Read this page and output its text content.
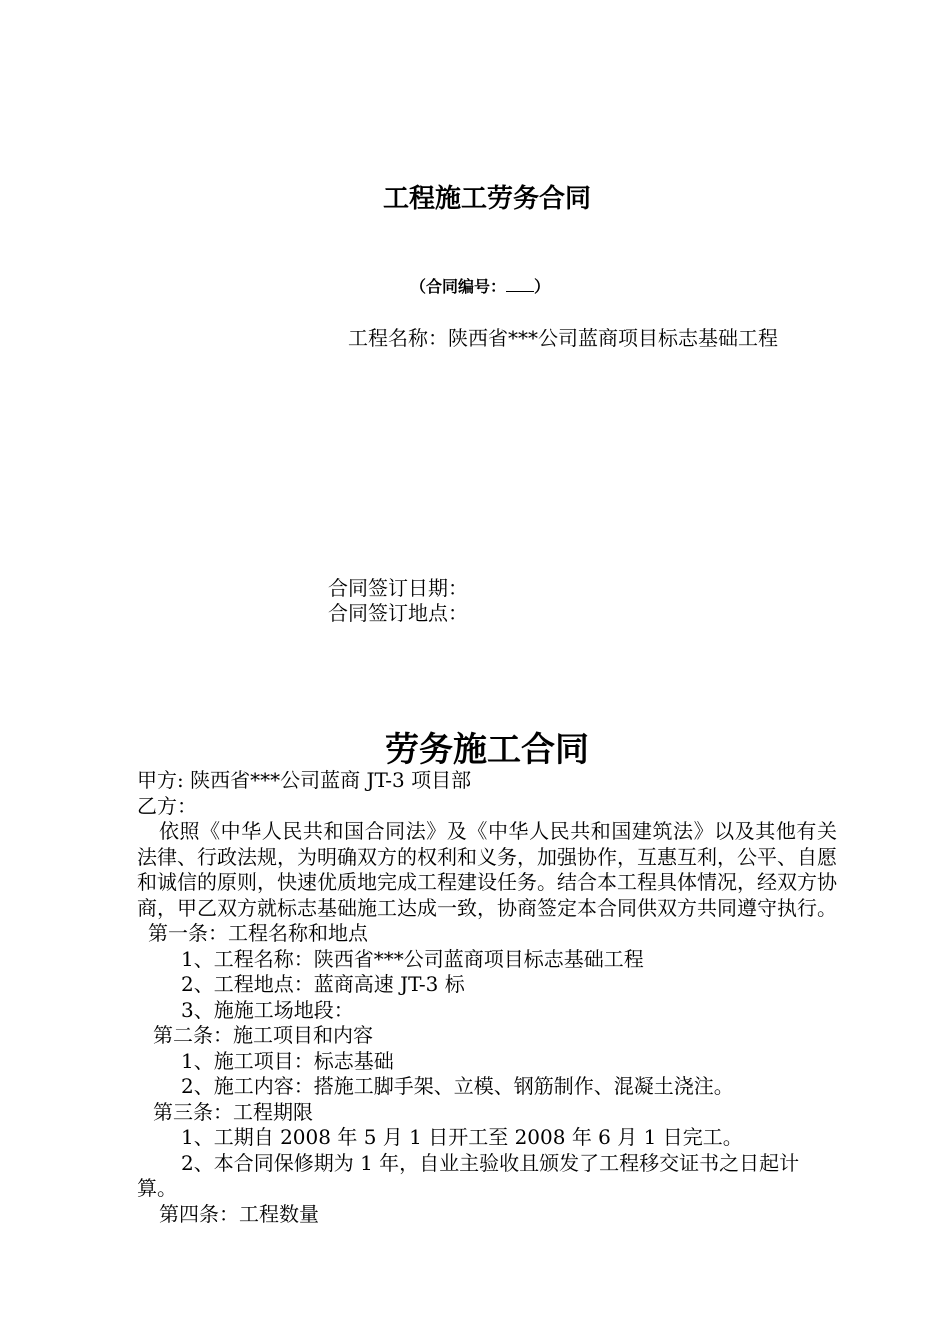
工程施工劳务合同
（合同编号： ）
工程名称：陕西省***公司蓝商项目标志基础工程
合同签订日期：
合同签订地点：
劳务施工合同

甲方: 陕西省***公司蓝商 JT-3 项目部

乙方：

依照《中华人民共和国合同法》及《中华人民共和国建筑法》以及其他有关法律、行政法规，为明确双方的权利和义务，加强协作，互惠互利，公平、自愿和诚信的原则，快速优质地完成工程建设任务。结合本工程具体情况，经双方协商，甲乙双方就标志基础施工达成一致，协商签定本合同供双方共同遵守执行。

第一条：工程名称和地点

1、工程名称：陕西省***公司蓝商项目标志基础工程

2、工程地点：蓝商高速 JT-3 标

3、施施工场地段：

第二条：施工项目和内容

1、施工项目：标志基础

2、施工内容：搭施工脚手架、立模、钢筋制作、混凝土浇注。

第三条：工程期限

1、工期自 2008 年 5 月 1 日开工至 2008 年 6 月 1 日完工。

2、本合同保修期为 1 年，自业主验收且颁发了工程移交证书之日起计算。

第四条：工程数量
